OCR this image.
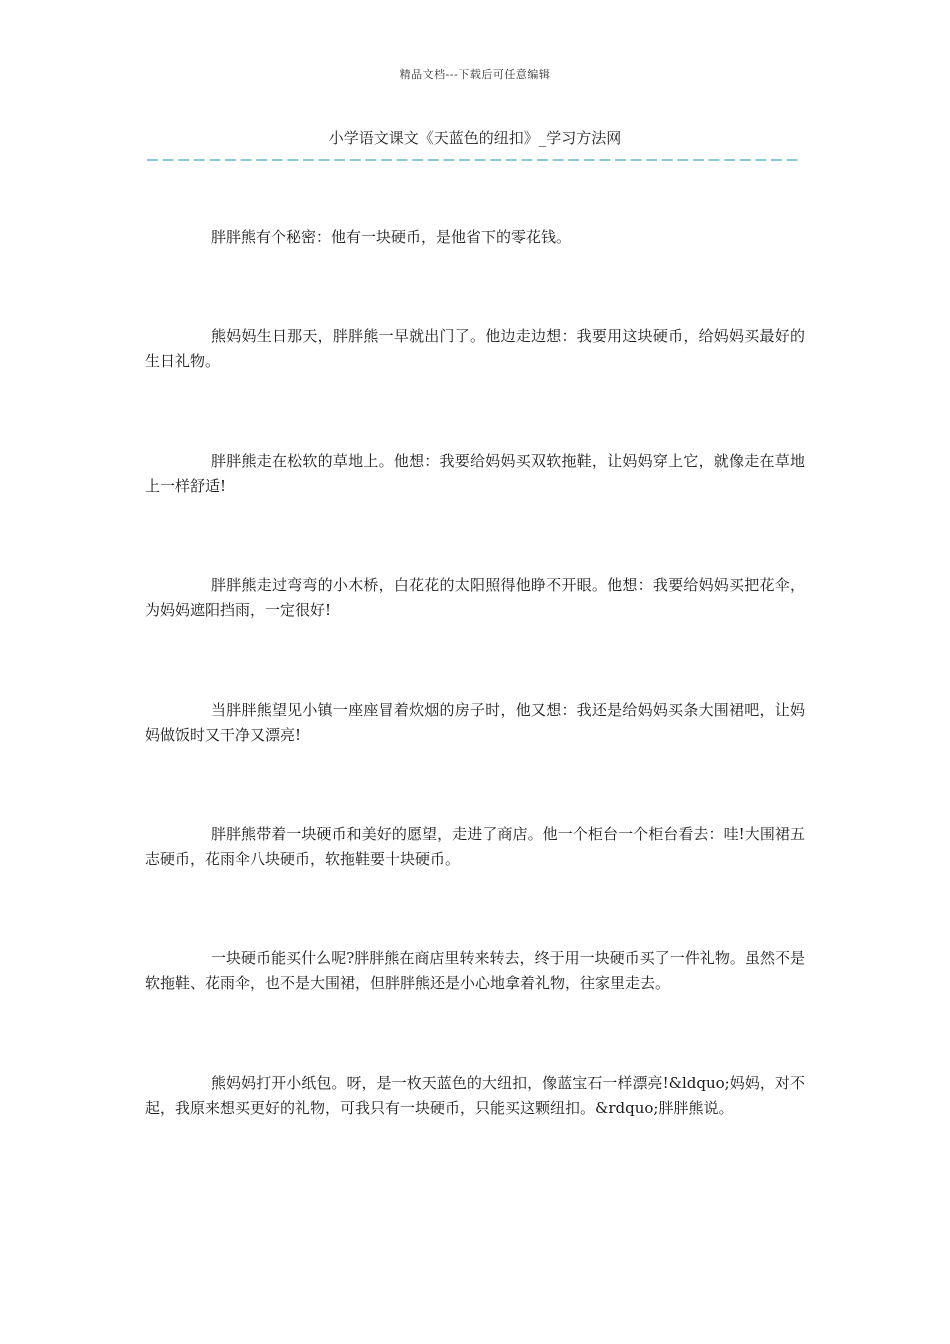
精品文档---下载后可任意编辑
小学语文课文《天蓝色的纽扣》_学习方法网

胖胖熊有个秘密：他有一块硬币，是他省下的零花钱。

熊妈妈生日那天，胖胖熊一早就出门了。他边走边想：我要用这块硬币，给妈妈买最好的生日礼物。

胖胖熊走在松软的草地上。他想：我要给妈妈买双软拖鞋，让妈妈穿上它，就像走在草地上一样舒适!

胖胖熊走过弯弯的小木桥，白花花的太阳照得他睁不开眼。他想：我要给妈妈买把花伞，为妈妈遮阳挡雨，一定很好!

当胖胖熊望见小镇一座座冒着炊烟的房子时，他又想：我还是给妈妈买条大围裙吧，让妈妈做饭时又干净又漂亮!

胖胖熊带着一块硬币和美好的愿望，走进了商店。他一个柜台一个柜台看去：哇!大围裙五志硬币，花雨伞八块硬币，软拖鞋要十块硬币。

一块硬币能买什么呢?胖胖熊在商店里转来转去，终于用一块硬币买了一件礼物。虽然不是软拖鞋、花雨伞，也不是大围裙，但胖胖熊还是小心地拿着礼物，往家里走去。

熊妈妈打开小纸包。呀，是一枚天蓝色的大纽扣，像蓝宝石一样漂亮!&ldquo;妈妈，对不起，我原来想买更好的礼物，可我只有一块硬币，只能买这颗纽扣。&rdquo;胖胖熊说。
